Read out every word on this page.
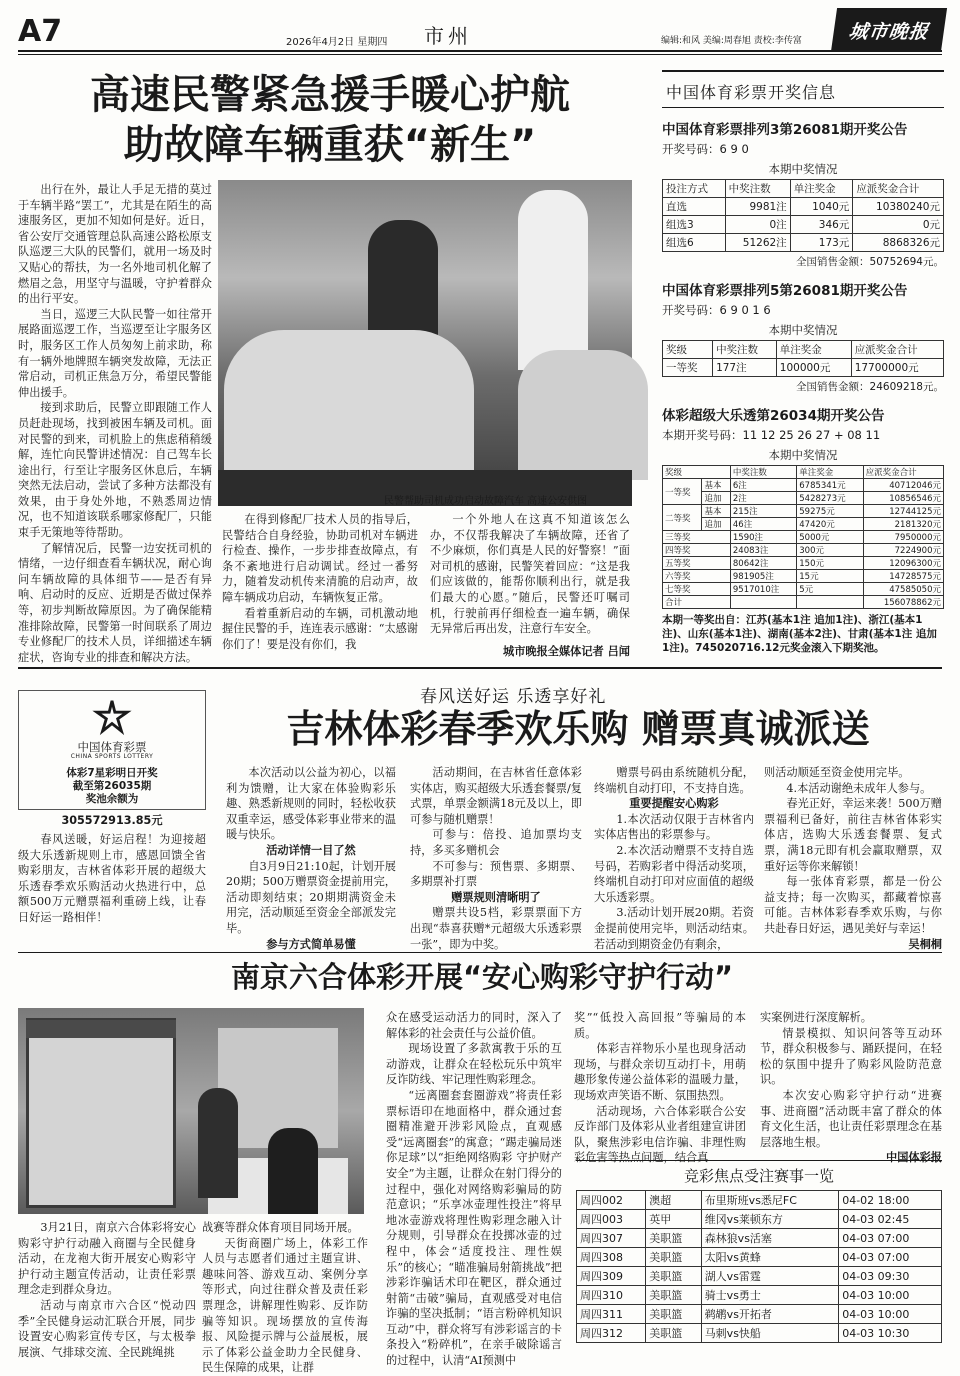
A7	2026年4月2日 星期四 市州	编辑:和风 美编:周春旭 责校:李传富	城市晚报
高速民警紧急援手暖心护航
助故障车辆重获“新生”

出行在外，最让人手足无措的莫过于车辆半路“罢工”，尤其是在陌生的高速服务区，更加不知如何是好。近日，省公安厅交通管理总队高速公路松原支队巡逻三大队的民警们，就用一场及时又贴心的帮扶，为一名外地司机化解了燃眉之急，用坚守与温暖，守护着群众的出行平安。

当日，巡逻三大队民警一如往常开展路面巡逻工作，当巡逻至让字服务区时，服务区工作人员匆匆上前求助，称有一辆外地牌照车辆突发故障，无法正常启动，司机正焦急万分，希望民警能伸出援手。

接到求助后，民警立即跟随工作人员赶赴现场，找到被困车辆及司机。面对民警的到来，司机脸上的焦虑稍稍缓解，连忙向民警讲述情况：自己驾车长途出行，行至让字服务区休息后，车辆突然无法启动，尝试了多种方法都没有效果，由于身处外地，不熟悉周边情况，也不知道该联系哪家修配厂，只能束手无策地等待帮助。

了解情况后，民警一边安抚司机的情绪，一边仔细查看车辆状况，耐心询问车辆故障的具体细节——是否有异响、启动时的反应、近期是否做过保养等，初步判断故障原因。为了确保能精准排除故障，民警第一时间联系了周边专业修配厂的技术人员，详细描述车辆症状，咨询专业的排查和解决方法。

民警帮助司机成功启动故障汽车 高速公安供图

在得到修配厂技术人员的指导后，民警结合自身经验，协助司机对车辆进行检查、操作，一步步排查故障点，有条不紊地进行启动调试。经过一番努力，随着发动机传来清脆的启动声，故障车辆成功启动，车辆恢复正常。

看着重新启动的车辆，司机激动地握住民警的手，连连表示感谢：“太感谢你们了！要是没有你们，我

一个外地人在这真不知道该怎么办，不仅帮我解决了车辆故障，还省了不少麻烦，你们真是人民的好警察！”面对司机的感谢，民警笑着回应：“这是我们应该做的，能帮你顺利出行，就是我们最大的心愿。”随后，民警还叮嘱司机，行驶前再仔细检查一遍车辆，确保无异常后再出发，注意行车安全。

城市晚报全媒体记者 吕闻
中国体育彩票开奖信息
中国体育彩票排列3第26081期开奖公告
开奖号码：6 9 0
本期中奖情况
投注方式	中奖注数	单注奖金	应派奖金合计
直选	9981注	1040元	10380240元
组选3	0注	346元	0元
组选6	51262注	173元	8868326元
全国销售金额：50752694元。
中国体育彩票排列5第26081期开奖公告
开奖号码：6 9 0 1 6
本期中奖情况
奖级	中奖注数	单注奖金	应派奖金合计
一等奖	177注	100000元	17700000元
全国销售金额：24609218元。
体彩超级大乐透第26034期开奖公告
本期开奖号码：11 12 25 26 27 + 08 11
本期中奖情况
奖级		中奖注数	单注奖金	应派奖金合计
一等奖	基本	6注	6785341元	40712046元
	追加	2注	5428273元	10856546元
二等奖	基本	215注	59275元	12744125元
	追加	46注	47420元	2181320元
三等奖		1590注	5000元	7950000元
四等奖		24083注	300元	7224900元
五等奖		80642注	150元	12096300元
六等奖		981905注	15元	14728575元
七等奖		9517010注	5元	47585050元
合计				156078862元
本期一等奖出自：江苏(基本1注 追加1注)、浙江(基本1注)、山东(基本1注)、湖南(基本2注)、甘肃(基本1注 追加1注)。745020716.12元奖金滚入下期奖池。
中国体育彩票
CHINA SPORTS LOTTERY
体彩7星彩明日开奖
截至第26035期
奖池余额为
305572913.85元
春风送好运 乐透享好礼
吉林体彩春季欢乐购 赠票真诚派送

春风送暖，好运启程！为迎接超级大乐透新规则上市，感恩回馈全省购彩朋友，吉林省体彩开展的超级大乐透春季欢乐购活动火热进行中，总额500万元赠票福利重磅上线，让春日好运一路相伴！

本次活动以公益为初心，以福利为馈赠，让大家在体验购彩乐趣、熟悉新规则的同时，轻松收获双重幸运，感受体彩事业带来的温暖与快乐。

活动详情一目了然

自3月9日21:10起，计划开展20期；500万赠票资金提前用完，活动即刻结束；20期期满资金未用完，活动顺延至资金全部派发完毕。

参与方式简单易懂

活动期间，在吉林省任意体彩实体店，购买超级大乐透套餐票/复式票，单票金额满18元及以上，即可参与随机赠票！

可参与：倍投、追加票均支持，多买多赠机会

不可参与：预售票、多期票、多期票补打票

赠票规则清晰明了

赠票共设5档，彩票票面下方出现“恭喜获赠*元超级大乐透彩票一张”，即为中奖。

赠票号码由系统随机分配，终端机自动打印，不支持自选。

重要提醒安心购彩

1.本次活动仅限于吉林省内实体店售出的彩票参与。

2.本次活动赠票不支持自选号码，若购彩者中得活动奖项，终端机自动打印对应面值的超级大乐透彩票。

3.活动计划开展20期。若资金提前使用完毕，则活动结束。若活动到期资金仍有剩余，

则活动顺延至资金使用完毕。

4.本活动谢绝未成年人参与。

春光正好，幸运来袭！500万赠票福利已备好，前往吉林省体彩实体店，选购大乐透套餐票、复式票，满18元即有机会赢取赠票，双重好运等你来解锁！

每一张体育彩票，都是一份公益支持；每一次购买，都藏着惊喜可能。吉林体彩春季欢乐购，与你共赴春日好运，遇见美好与幸运！

吴桐桐

南京六合体彩开展“安心购彩守护行动”

3月21日，南京六合体彩将安心购彩守护行动融入商圈与全民健身活动，在龙袍大街开展安心购彩守护行动主题宣传活动，让责任彩票理念走到群众身边。

活动与南京市六合区“悦动四季”全民健身运动汇联合开展，同步设置安心购彩宣传专区，与太极拳展演、气排球交流、全民跳绳挑

战赛等群众体育项目同场开展。

天街商圈广场上，体彩工作人员与志愿者们通过主题宣讲、趣味问答、游戏互动、案例分享等形式，向过往群众普及责任彩票理念，讲解理性购彩、反诈防骗等知识。现场摆放的宣传海报、风险提示牌与公益展板，展示了体彩公益金助力全民健身、民生保障的成果，让群

众在感受运动活力的同时，深入了解体彩的社会责任与公益价值。

现场设置了多款寓教于乐的互动游戏，让群众在轻松玩乐中筑牢反诈防线、牢记理性购彩理念。

“远离圈套套圈游戏”将责任彩票标语印在地面格中，群众通过套圈精准避开涉彩风险点，直观感受“远离圈套”的寓意；“踢走骗局迷你足球”以“拒绝网络购彩 守护财产安全”为主题，让群众在射门得分的过程中，强化对网络购彩骗局的防范意识；“乐享冰壶理性投注”将早地冰壶游戏将理性购彩理念融入计分规则，引导群众在投掷冰壶的过程中，体会“适度投注、理性娱乐”的核心；“瞄准骗局射箭挑战”把涉彩诈骗话术印在靶区，群众通过射箭“击破”骗局，直观感受对电信诈骗的坚决抵制；“语言粉碎机知识互动”中，群众将写有涉彩谣言的卡条投入“粉碎机”，在亲手破除谣言的过程中，认清“AI预测中

奖”“低投入高回报”等骗局的本质。

体彩吉祥物乐小星也现身活动现场，与群众亲切互动打卡，用萌趣形象传递公益体彩的温暖力量，现场欢声笑语不断、氛围热烈。

活动现场，六合体彩联合公安反诈部门及体彩从业者组建宣讲团队，聚焦涉彩电信诈骗、非理性购彩危害等热点问题，结合真

实案例进行深度解析。

情景模拟、知识问答等互动环节，群众积极参与、踊跃提问，在轻松的氛围中提升了购彩风险防范意识。

本次安心购彩守护行动“进赛事、进商圈”活动既丰富了群众的体育文化生活，也让责任彩票理念在基层落地生根。

中国体彩报

竞彩焦点受注赛事一览
周四002	澳超	布里斯班vs悉尼FC	04-02 18:00
周四003	英甲	维冈vs莱顿东方	04-03 02:45
周四307	美职篮	森林狼vs活塞	04-03 07:00
周四308	美职篮	太阳vs黄蜂	04-03 07:00
周四309	美职篮	湖人vs雷霆	04-03 09:30
周四310	美职篮	骑士vs勇士	04-03 10:00
周四311	美职篮	鹈鹕vs开拓者	04-03 10:00
周四312	美职篮	马刺vs快船	04-03 10:30
